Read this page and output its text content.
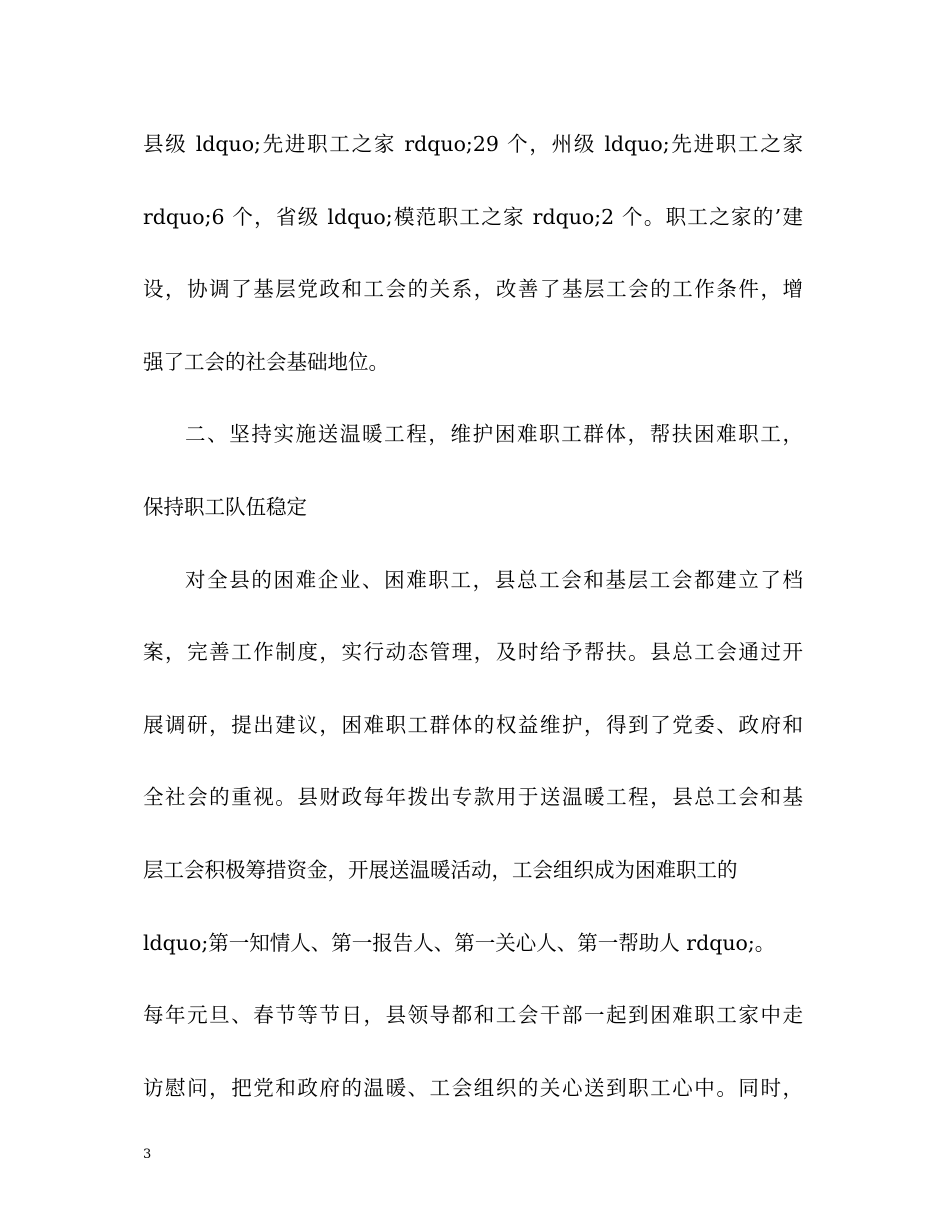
县级 ldquo;先进职工之家 rdquo;29 个，州级 ldquo;先进职工之家
rdquo;6 个，省级 ldquo;模范职工之家 rdquo;2 个。职工之家的’建
设，协调了基层党政和工会的关系，改善了基层工会的工作条件，增
强了工会的社会基础地位。
二、坚持实施送温暖工程，维护困难职工群体，帮扶困难职工，
保持职工队伍稳定
对全县的困难企业、困难职工，县总工会和基层工会都建立了档
案，完善工作制度，实行动态管理，及时给予帮扶。县总工会通过开
展调研，提出建议，困难职工群体的权益维护，得到了党委、政府和
全社会的重视。县财政每年拨出专款用于送温暖工程，县总工会和基
层工会积极筹措资金，开展送温暖活动，工会组织成为困难职工的
ldquo;第一知情人、第一报告人、第一关心人、第一帮助人 rdquo;。
每年元旦、春节等节日，县领导都和工会干部一起到困难职工家中走
访慰问，把党和政府的温暖、工会组织的关心送到职工心中。同时，
3
